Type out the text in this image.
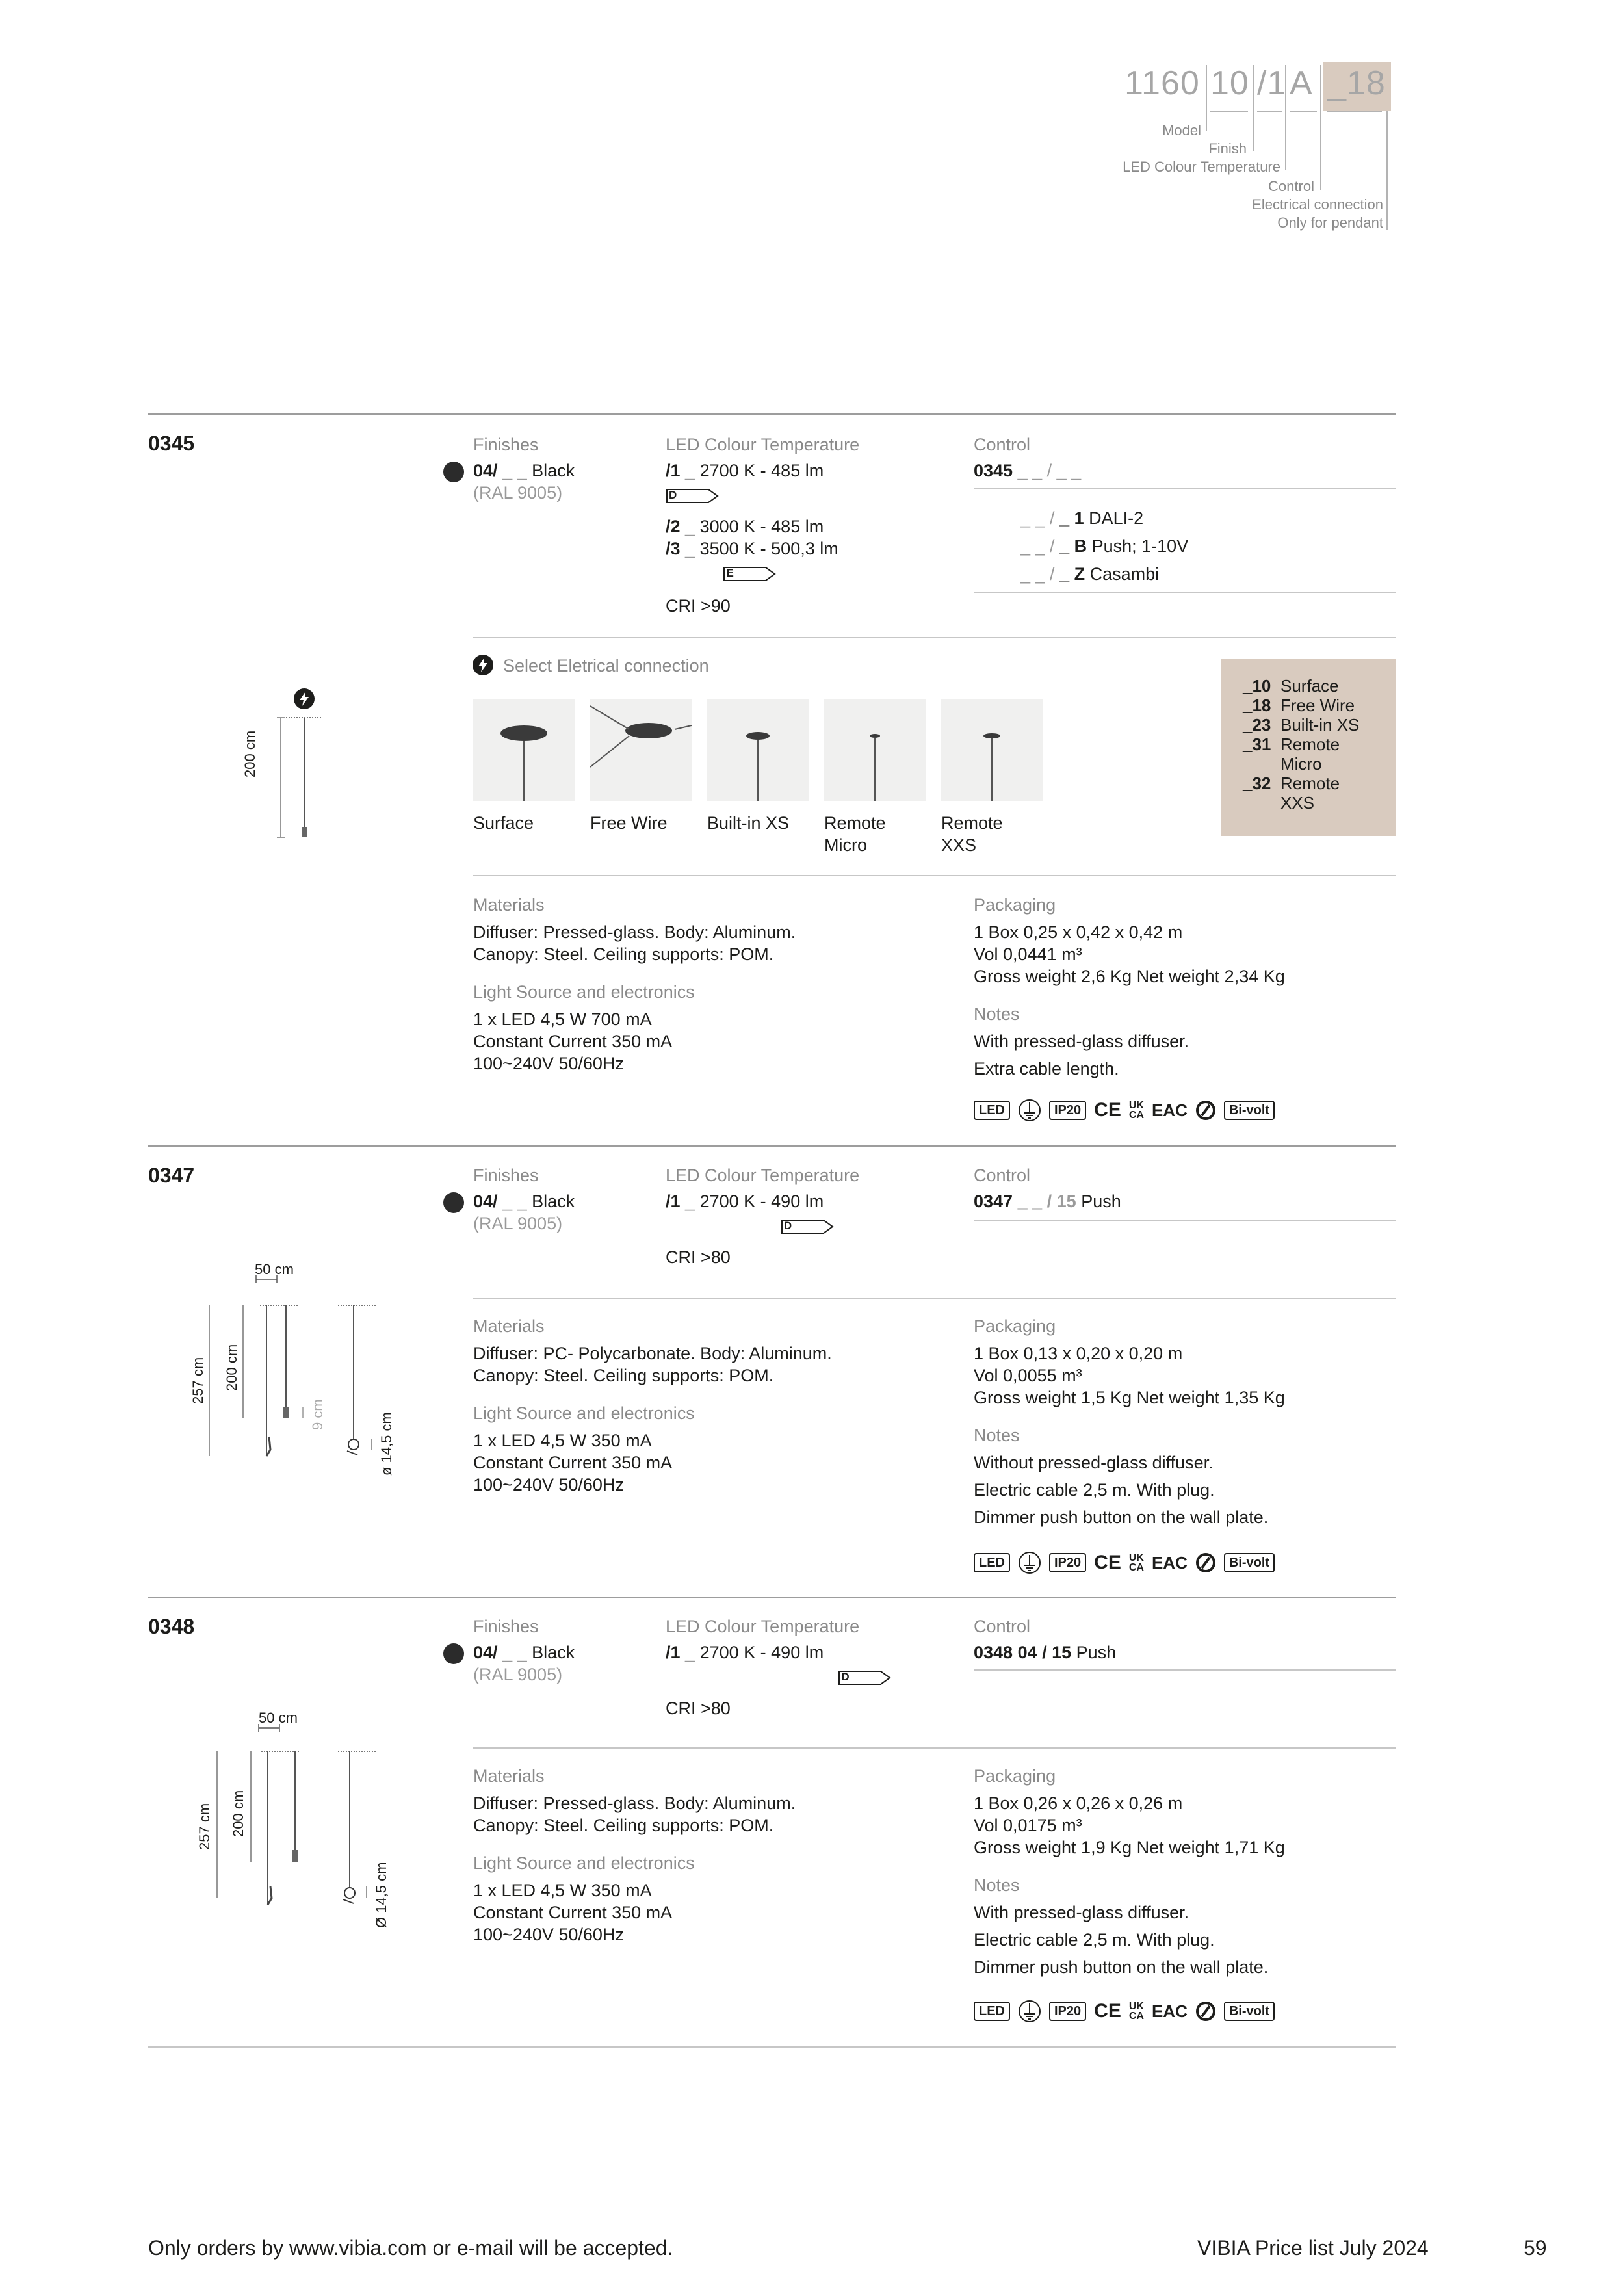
1160 10 /1 A _18
Model
Finish
LED Colour Temperature
Control
Electrical connection
Only for pendant
0345	Finishes
04/ _ _ Black
(RAL 9005)
LED Colour Temperature
/1 _ 2700 K - 485 lm
D

/2 _ 3000 K - 485 lm
/3 _ 3500 K - 500,3 lm
E

CRI >90
Control
0345 _ _ / _ _
_ _ / _ 1 DALI-2
_ _ / _ B Push; 1-10V
_ _ / _ Z Casambi
Select Eletrical connection
Surface	Free Wire	Built-in XS	Remote Micro
Remote XXS
_10 Surface
_18 Free Wire
_23 Built-in XS
_31 Remote Micro
_32 Remote XXS
200 cm
Materials
Diffuser: Pressed-glass. Body: Aluminum.
Canopy: Steel. Ceiling supports: POM.
Light Source and electronics
1 x LED 4,5 W 700 mA
Constant Current 350 mA
100~240V 50/60Hz
Packaging
1 Box 0,25 x 0,42 x 0,42 m
Vol 0,0441 m³
Gross weight 2,6 Kg Net weight 2,34 Kg
Notes
With pressed-glass diffuser.
Extra cable length.
LED	IP20 CE UK
CA EAC	Bi-volt
0347	Finishes
04/ _ _ Black
(RAL 9005)
LED Colour Temperature
/1 _ 2700 K - 490 lm
D

CRI >80
Control
0347 _ _ / 15 Push
50 cm
257 cm 200 cm
9 cm	ø 14,5 cm
Materials
Diffuser: PC- Polycarbonate. Body: Aluminum.
Canopy: Steel. Ceiling supports: POM.
Light Source and electronics
1 x LED 4,5 W 350 mA
Constant Current 350 mA
100~240V 50/60Hz
Packaging
1 Box 0,13 x 0,20 x 0,20 m
Vol 0,0055 m³
Gross weight 1,5 Kg Net weight 1,35 Kg
Notes
Without pressed-glass diffuser.
Electric cable 2,5 m. With plug.
Dimmer push button on the wall plate.
LED	IP20 CE UK
CA EAC	Bi-volt
0348	Finishes
04/ _ _ Black
(RAL 9005)
LED Colour Temperature
/1 _ 2700 K - 490 lm
D
CRI >80
Control
0348 04 / 15 Push
50 cm
257 cm 200 cm
Ø 14,5 cm
Materials
Diffuser: Pressed-glass. Body: Aluminum.
Canopy: Steel. Ceiling supports: POM.
Light Source and electronics
1 x LED 4,5 W 350 mA
Constant Current 350 mA
100~240V 50/60Hz
Packaging
1 Box 0,26 x 0,26 x 0,26 m
Vol 0,0175 m³
Gross weight 1,9 Kg Net weight 1,71 Kg
Notes
With pressed-glass diffuser.
Electric cable 2,5 m. With plug.
Dimmer push button on the wall plate.
LED	IP20 CE UK
CA EAC	Bi-volt
Only orders by www.vibia.com or e-mail will be accepted.	VIBIA Price list July 2024	59
